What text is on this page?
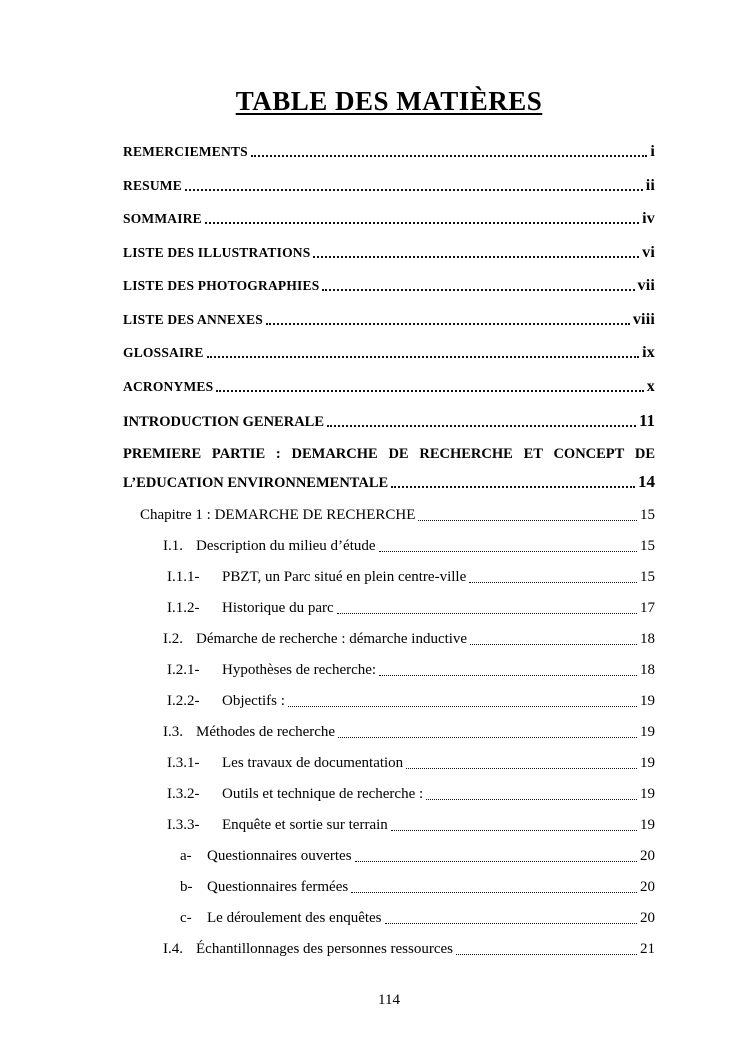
TABLE DES MATIÈRES
REMERCIEMENTS	i
RESUME	ii
SOMMAIRE	iv
LISTE DES ILLUSTRATIONS	vi
LISTE DES PHOTOGRAPHIES	vii
LISTE DES ANNEXES	viii
GLOSSAIRE	ix
ACRONYMES	x
INTRODUCTION GENERALE	11
PREMIERE PARTIE : DEMARCHE DE RECHERCHE ET CONCEPT DE
L’EDUCATION ENVIRONNEMENTALE	14
Chapitre 1 : DEMARCHE DE RECHERCHE	15
I.1. Description du milieu d’étude	15
I.1.1-	PBZT, un Parc situé en plein centre-ville	15
I.1.2-	Historique du parc	17
I.2. Démarche de recherche : démarche inductive	18
I.2.1-	Hypothèses de recherche:	18
I.2.2-	Objectifs :	19
I.3. Méthodes de recherche	19
I.3.1-	Les travaux de documentation	19
I.3.2-	Outils et technique de recherche :	19
I.3.3-	Enquête et sortie sur terrain	19
a-	Questionnaires ouvertes	20
b- Questionnaires fermées	20
c-	Le déroulement des enquêtes	20
I.4. Échantillonnages des personnes ressources	21
114
